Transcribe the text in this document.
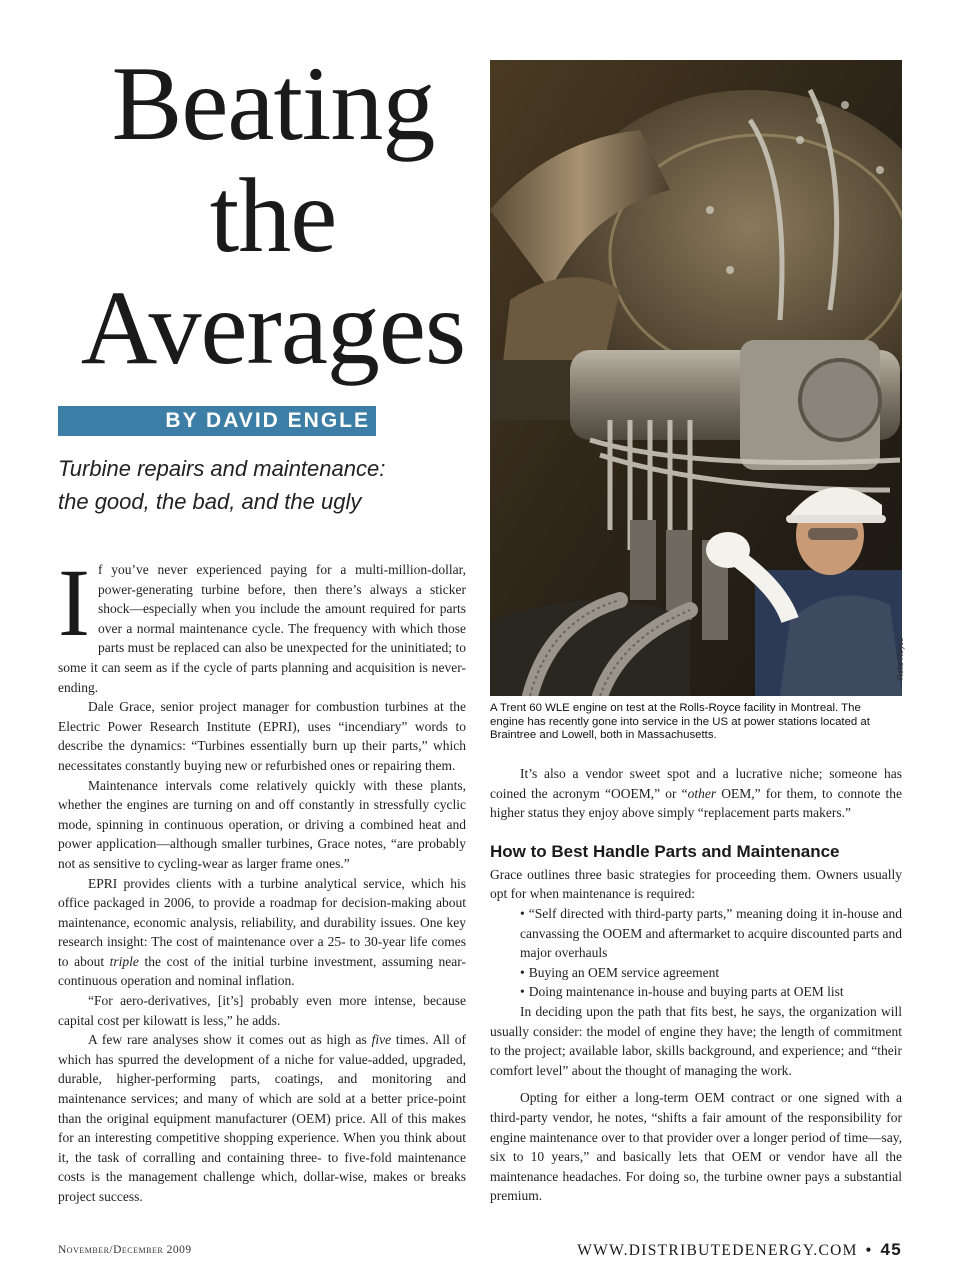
Beating
the
Averages
BY DAVID ENGLE
Turbine repairs and maintenance:
the good, the bad, and the ugly
Rolls Royce
A Trent 60 WLE engine on test at the Rolls-Royce facility in Montreal. The engine has recently gone into service in the US at power stations located at Braintree and Lowell, both in Massachusetts.

If you’ve never experienced paying for a multi-million-dollar, power-generating turbine before, then there’s always a sticker shock—especially when you include the amount required for parts over a normal maintenance cycle. The frequency with which those parts must be replaced can also be unexpected for the uninitiated; to some it can seem as if the cycle of parts planning and acquisition is never-ending.

Dale Grace, senior project manager for combustion turbines at the Electric Power Research Institute (EPRI), uses “incendiary” words to describe the dynamics: “Turbines essentially burn up their parts,” which necessitates constantly buying new or refurbished ones or repairing them.

Maintenance intervals come relatively quickly with these plants, whether the engines are turning on and off constantly in stressfully cyclic mode, spinning in continuous operation, or driving a combined heat and power application—although smaller turbines, Grace notes, “are probably not as sensitive to cycling-wear as larger frame ones.”

EPRI provides clients with a turbine analytical service, which his office packaged in 2006, to provide a roadmap for decision-making about maintenance, economic analysis, reliability, and durability issues. One key research insight: The cost of maintenance over a 25- to 30-year life comes to about triple the cost of the initial turbine investment, assuming near-continuous operation and nominal inflation.

“For aero-derivatives, [it’s] probably even more intense, because capital cost per kilowatt is less,” he adds.

A few rare analyses show it comes out as high as five times. All of which has spurred the development of a niche for value-added, upgraded, durable, higher-performing parts, coatings, and monitoring and maintenance services; and many of which are sold at a better price-point than the original equipment manufacturer (OEM) price. All of this makes for an interesting competitive shopping experience. When you think about it, the task of corralling and containing three- to five-fold maintenance costs is the management challenge which, dollar-wise, makes or breaks project success.

It’s also a vendor sweet spot and a lucrative niche; someone has coined the acronym “OOEM,” or “other OEM,” for them, to connote the higher status they enjoy above simply “replacement parts makers.”

How to Best Handle Parts and Maintenance

Grace outlines three basic strategies for proceeding them. Owners usually opt for when maintenance is required:

• “Self directed with third-party parts,” meaning doing it in-house and canvassing the OOEM and aftermarket to acquire discounted parts and major overhauls
• Buying an OEM service agreement
• Doing maintenance in-house and buying parts at OEM list

In deciding upon the path that fits best, he says, the organization will usually consider: the model of engine they have; the length of commitment to the project; available labor, skills background, and experience; and “their comfort level” about the thought of managing the work.

Opting for either a long-term OEM contract or one signed with a third-party vendor, he notes, “shifts a fair amount of the responsibility for engine maintenance over to that provider over a longer period of time—say, six to 10 years,” and basically lets that OEM or vendor have all the maintenance headaches. For doing so, the turbine owner pays a substantial premium.

November/December 2009	WWW.DISTRIBUTEDENERGY.COM • 45
